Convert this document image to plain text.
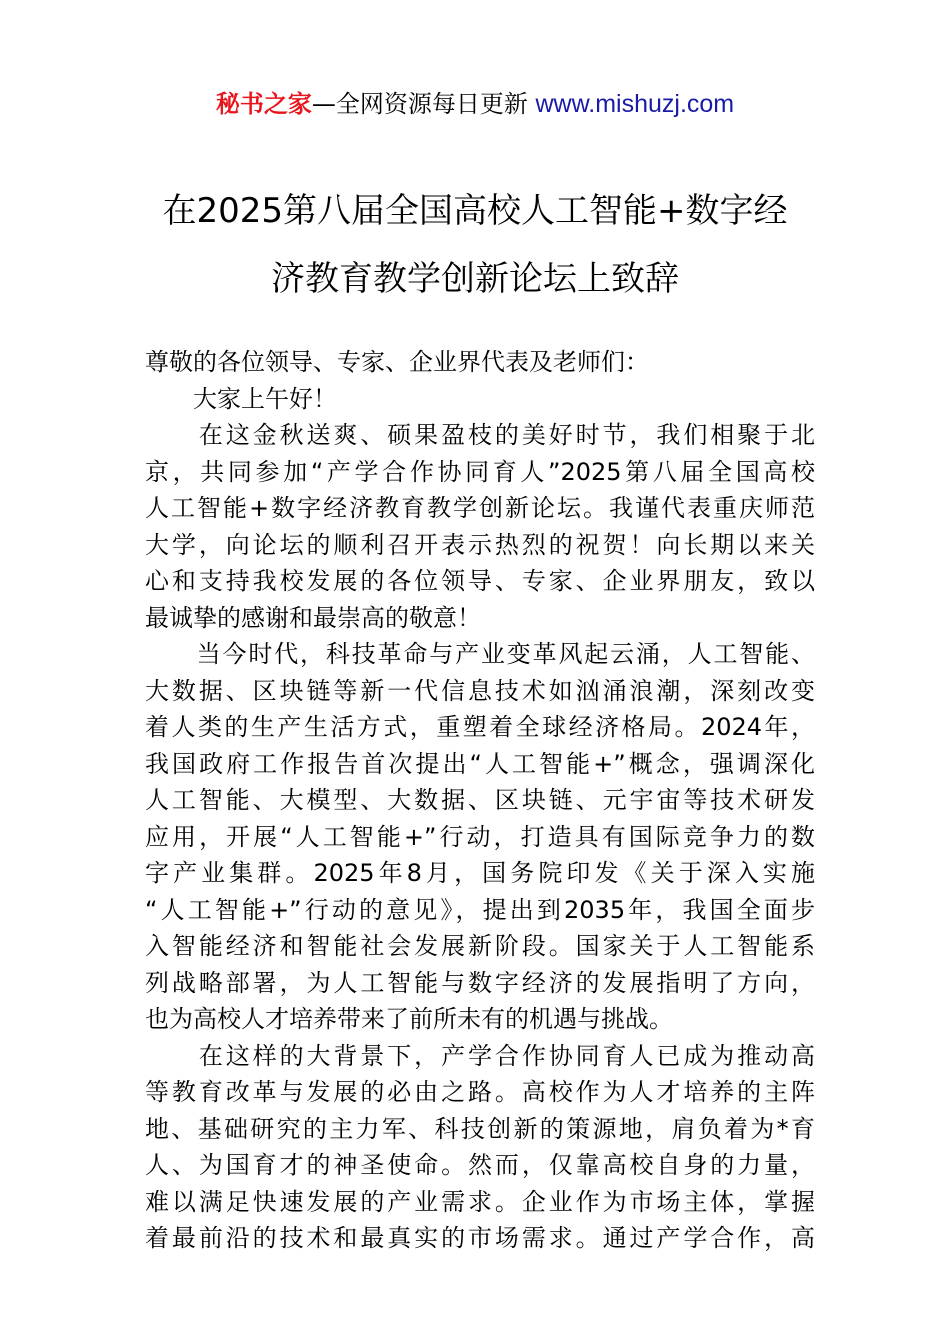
秘书之家—全网资源每日更新 www.mishuzj.com
在2025第八届全国高校人工智能+数字经
济教育教学创新论坛上致辞
尊敬的各位领导、专家、企业界代表及老师们：
　　大家上午好！
　　在这金秋送爽、硕果盈枝的美好时节，我们相聚于北
京，共同参加“产学合作协同育人”2025第八届全国高校
人工智能+数字经济教育教学创新论坛。我谨代表重庆师范
大学，向论坛的顺利召开表示热烈的祝贺！向长期以来关
心和支持我校发展的各位领导、专家、企业界朋友，致以
最诚挚的感谢和最崇高的敬意！
　　当今时代，科技革命与产业变革风起云涌，人工智能、
大数据、区块链等新一代信息技术如汹涌浪潮，深刻改变
着人类的生产生活方式，重塑着全球经济格局。2024年，
我国政府工作报告首次提出“人工智能+”概念，强调深化
人工智能、大模型、大数据、区块链、元宇宙等技术研发
应用，开展“人工智能+”行动，打造具有国际竞争力的数
字产业集群。2025年8月，国务院印发《关于深入实施
“人工智能+”行动的意见》，提出到2035年，我国全面步
入智能经济和智能社会发展新阶段。国家关于人工智能系
列战略部署，为人工智能与数字经济的发展指明了方向，
也为高校人才培养带来了前所未有的机遇与挑战。
　　在这样的大背景下，产学合作协同育人已成为推动高
等教育改革与发展的必由之路。高校作为人才培养的主阵
地、基础研究的主力军、科技创新的策源地，肩负着为*育
人、为国育才的神圣使命。然而，仅靠高校自身的力量，
难以满足快速发展的产业需求。企业作为市场主体，掌握
着最前沿的技术和最真实的市场需求。通过产学合作，高
